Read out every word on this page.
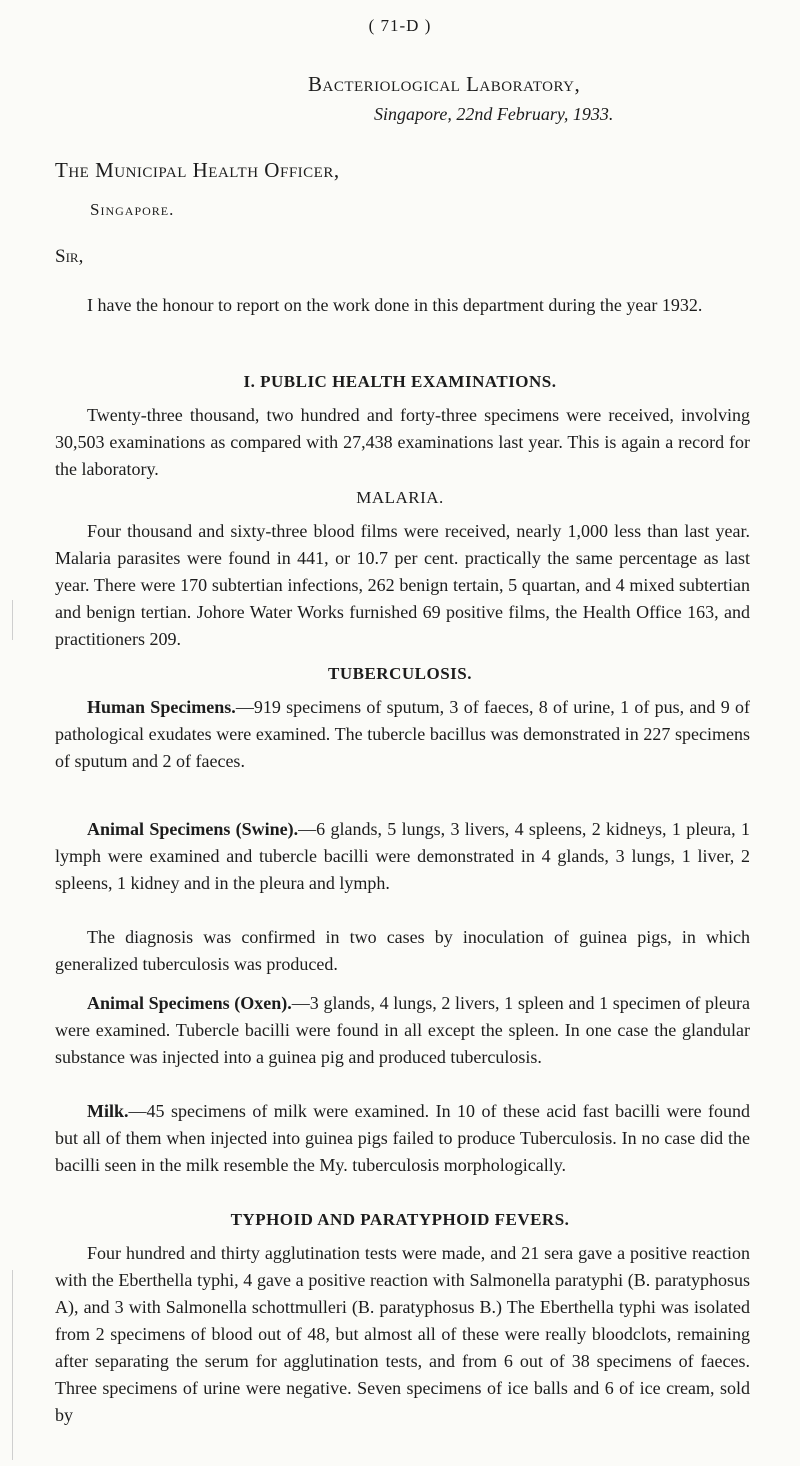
( 71-D )
Bacteriological Laboratory,
Singapore, 22nd February, 1933.
The Municipal Health Officer,
Singapore.
Sir,

I have the honour to report on the work done in this department during the year 1932.

I. PUBLIC HEALTH EXAMINATIONS.

Twenty-three thousand, two hundred and forty-three specimens were received, involving 30,503 examinations as compared with 27,438 examinations last year. This is again a record for the laboratory.

MALARIA.

Four thousand and sixty-three blood films were received, nearly 1,000 less than last year. Malaria parasites were found in 441, or 10.7 per cent. practically the same percentage as last year. There were 170 subtertian infections, 262 benign tertain, 5 quartan, and 4 mixed subtertian and benign tertian. Johore Water Works furnished 69 positive films, the Health Office 163, and practitioners 209.

TUBERCULOSIS.

Human Specimens.—919 specimens of sputum, 3 of faeces, 8 of urine, 1 of pus, and 9 of pathological exudates were examined. The tubercle bacillus was demonstrated in 227 specimens of sputum and 2 of faeces.

Animal Specimens (Swine).—6 glands, 5 lungs, 3 livers, 4 spleens, 2 kidneys, 1 pleura, 1 lymph were examined and tubercle bacilli were demonstrated in 4 glands, 3 lungs, 1 liver, 2 spleens, 1 kidney and in the pleura and lymph.

The diagnosis was confirmed in two cases by inoculation of guinea pigs, in which generalized tuberculosis was produced.

Animal Specimens (Oxen).—3 glands, 4 lungs, 2 livers, 1 spleen and 1 specimen of pleura were examined. Tubercle bacilli were found in all except the spleen. In one case the glandular substance was injected into a guinea pig and produced tuberculosis.

Milk.—45 specimens of milk were examined. In 10 of these acid fast bacilli were found but all of them when injected into guinea pigs failed to produce Tuberculosis. In no case did the bacilli seen in the milk resemble the My. tuberculosis morphologically.

TYPHOID AND PARATYPHOID FEVERS.

Four hundred and thirty agglutination tests were made, and 21 sera gave a positive reaction with the Eberthella typhi, 4 gave a positive reaction with Salmonella paratyphi (B. paratyphosus A), and 3 with Salmonella schottmulleri (B. paratyphosus B.) The Eberthella typhi was isolated from 2 specimens of blood out of 48, but almost all of these were really bloodclots, remaining after separating the serum for agglutination tests, and from 6 out of 38 specimens of faeces. Three specimens of urine were negative. Seven specimens of ice balls and 6 of ice cream, sold by
